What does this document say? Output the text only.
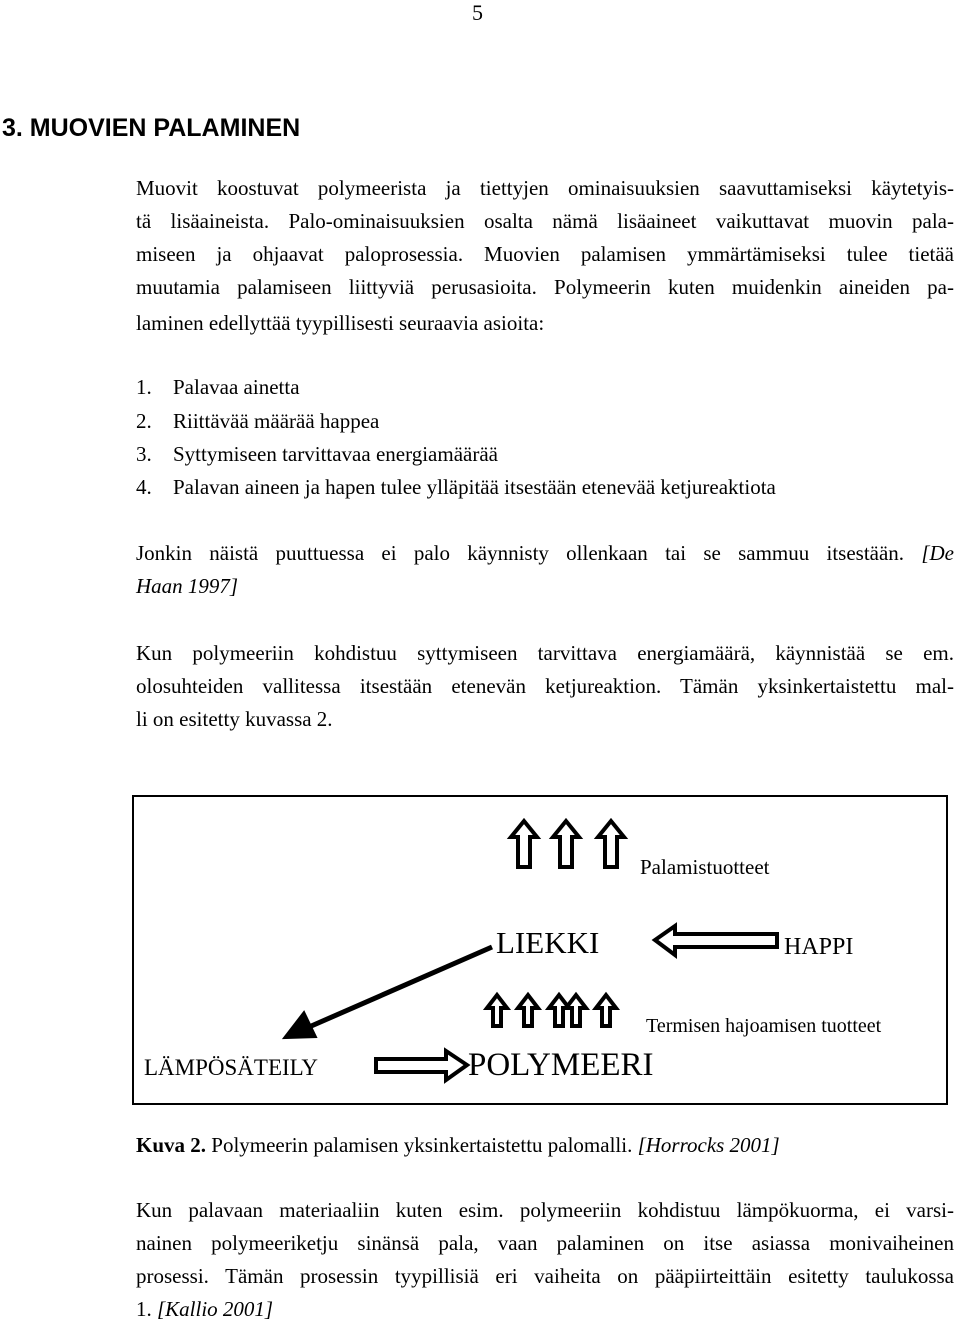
5
3. MUOVIEN PALAMINEN
Muovit koostuvat polymeerista ja tiettyjen ominaisuuksien saavuttamiseksi käytetyis-
tä lisäaineista. Palo-ominaisuuksien osalta nämä lisäaineet vaikuttavat muovin pala-
miseen ja ohjaavat paloprosessia. Muovien palamisen ymmärtämiseksi tulee tietää
muutamia palamiseen liittyviä perusasioita. Polymeerin kuten muidenkin aineiden pa-
laminen edellyttää tyypillisesti seuraavia asioita:
1. Palavaa ainetta
2. Riittävää määrää happea
3. Syttymiseen tarvittavaa energiamäärää
4. Palavan aineen ja hapen tulee ylläpitää itsestään etenevää ketjureaktiota
Jonkin näistä puuttuessa ei palo käynnisty ollenkaan tai se sammuu itsestään. [De
Haan 1997]
Kun polymeeriin kohdistuu syttymiseen tarvittava energiamäärä, käynnistää se em.
olosuhteiden vallitessa itsestään etenevän ketjureaktion. Tämän yksinkertaistettu mal-
li on esitetty kuvassa 2.
Palamistuotteet
LIEKKI	HAPPI
Termisen hajoamisen tuotteet
LÄMPÖSÄTEILY	POLYMEERI
Kuva 2. Polymeerin palamisen yksinkertaistettu palomalli. [Horrocks 2001]
Kun palavaan materiaaliin kuten esim. polymeeriin kohdistuu lämpökuorma, ei varsi-
nainen polymeeriketju sinänsä pala, vaan palaminen on itse asiassa monivaiheinen
prosessi. Tämän prosessin tyypillisiä eri vaiheita on pääpiirteittäin esitetty taulukossa
1. [Kallio 2001]
